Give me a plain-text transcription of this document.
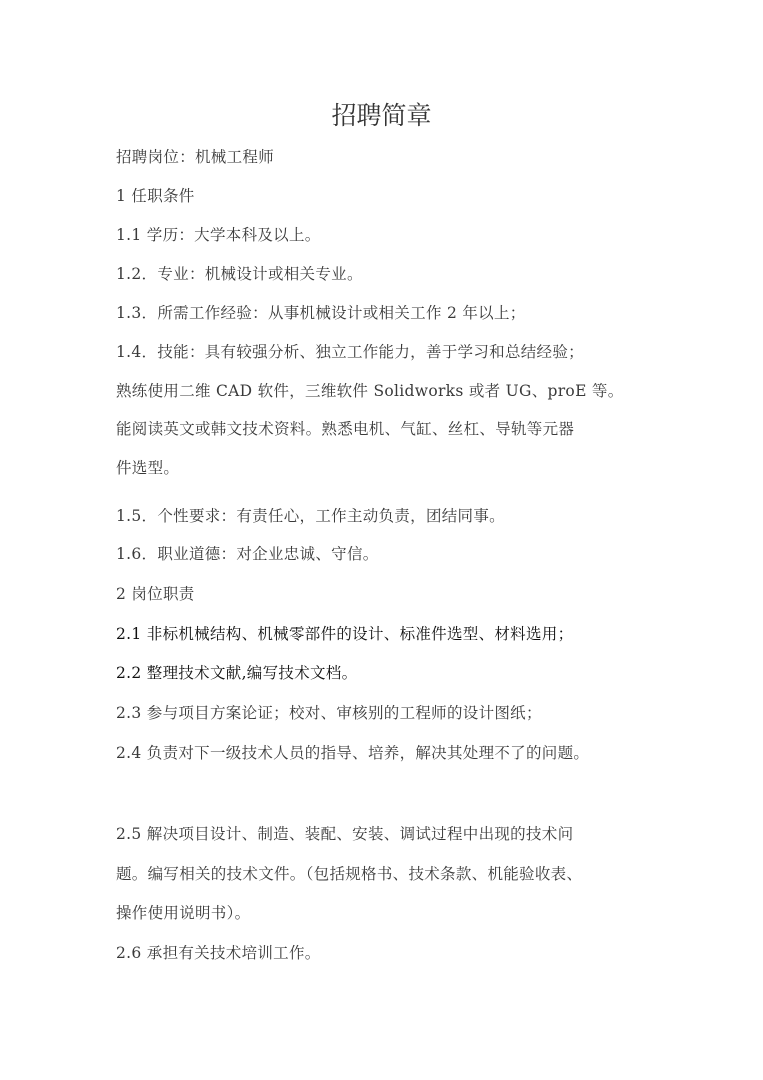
招聘简章
招聘岗位：机械工程师
1 任职条件
1.1 学历：大学本科及以上。
1.2．专业：机械设计或相关专业。
1.3．所需工作经验：从事机械设计或相关工作 2 年以上；
1.4．技能：具有较强分析、独立工作能力，善于学习和总结经验；
熟练使用二维 CAD 软件，三维软件 Solidworks 或者 UG、proE 等。
能阅读英文或韩文技术资料。熟悉电机、气缸、丝杠、导轨等元器
件选型。
1.5．个性要求：有责任心，工作主动负责，团结同事。
1.6．职业道德：对企业忠诚、守信。
2 岗位职责
2.1 非标机械结构、机械零部件的设计、标准件选型、材料选用；
2.2 整理技术文献,编写技术文档。
2.3 参与项目方案论证；校对、审核别的工程师的设计图纸；
2.4 负责对下一级技术人员的指导、培养，解决其处理不了的问题。
2.5 解决项目设计、制造、装配、安装、调试过程中出现的技术问
题。编写相关的技术文件。（包括规格书、技术条款、机能验收表、
操作使用说明书）。
2.6 承担有关技术培训工作。
